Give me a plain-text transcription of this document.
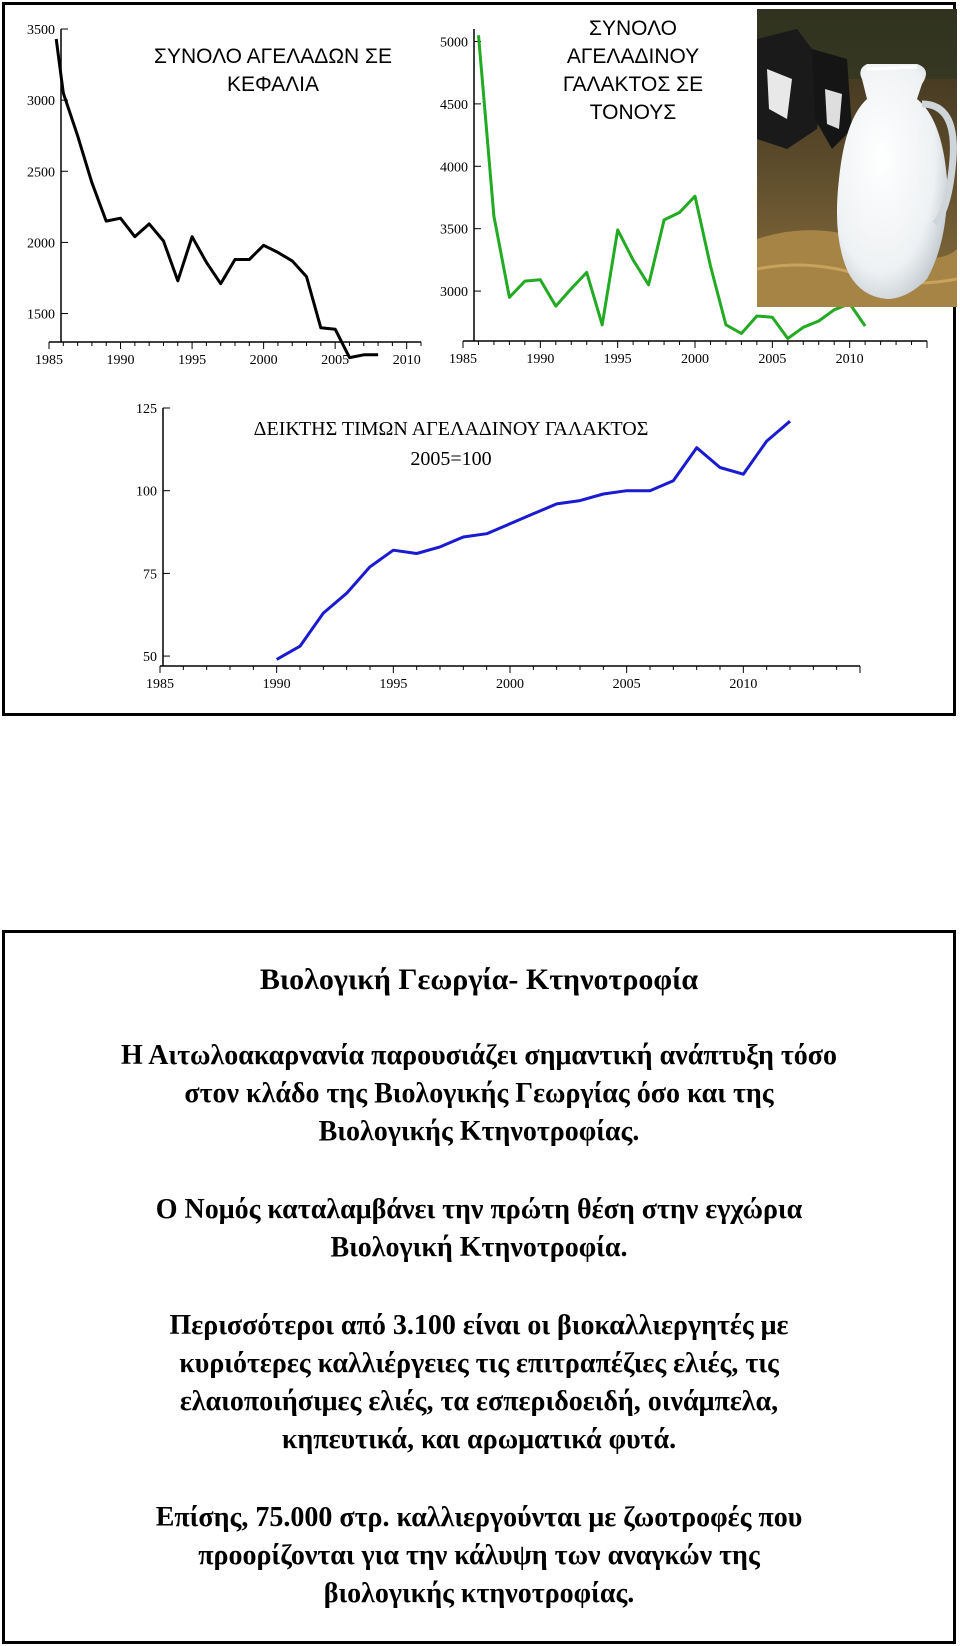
1985	1990	1995	2000	2005	2010
1500
2000
2500
3000
3500
ΣΥΝΟΛΟ ΑΓΕΛΑΔΩΝ ΣΕ
ΚΕΦΑΛΙΑ
1985	1990	1995	2000	2005	2010
3000
3500
4000
4500
5000
ΣΥΝΟΛΟ
ΑΓΕΛΑΔΙΝΟΥ
ΓΑΛΑΚΤΟΣ ΣΕ
ΤΟΝΟΥΣ
1985	1990	1995	2000	2005	2010
50
75
100
125
ΔΕΙΚΤΗΣ ΤΙΜΩΝ ΑΓΕΛΑΔΙΝΟΥ ΓΑΛΑΚΤΟΣ
2005=100
Βιολογική Γεωργία- Κτηνοτροφία
Η Αιτωλοακαρνανία παρουσιάζει σημαντική ανάπτυξη τόσο
στον κλάδο της Βιολογικής Γεωργίας όσο και της
Βιολογικής Κτηνοτροφίας.
Ο Νομός καταλαμβάνει την πρώτη θέση στην εγχώρια
Βιολογική Κτηνοτροφία.
Περισσότεροι από 3.100 είναι οι βιοκαλλιεργητές με
κυριότερες καλλιέργειες τις επιτραπέζιες ελιές, τις
ελαιοποιήσιμες ελιές, τα εσπεριδοειδή, οινάμπελα,
κηπευτικά, και αρωματικά φυτά.
Επίσης, 75.000 στρ. καλλιεργούνται με ζωοτροφές που
προορίζονται για την κάλυψη των αναγκών της
βιολογικής κτηνοτροφίας.
